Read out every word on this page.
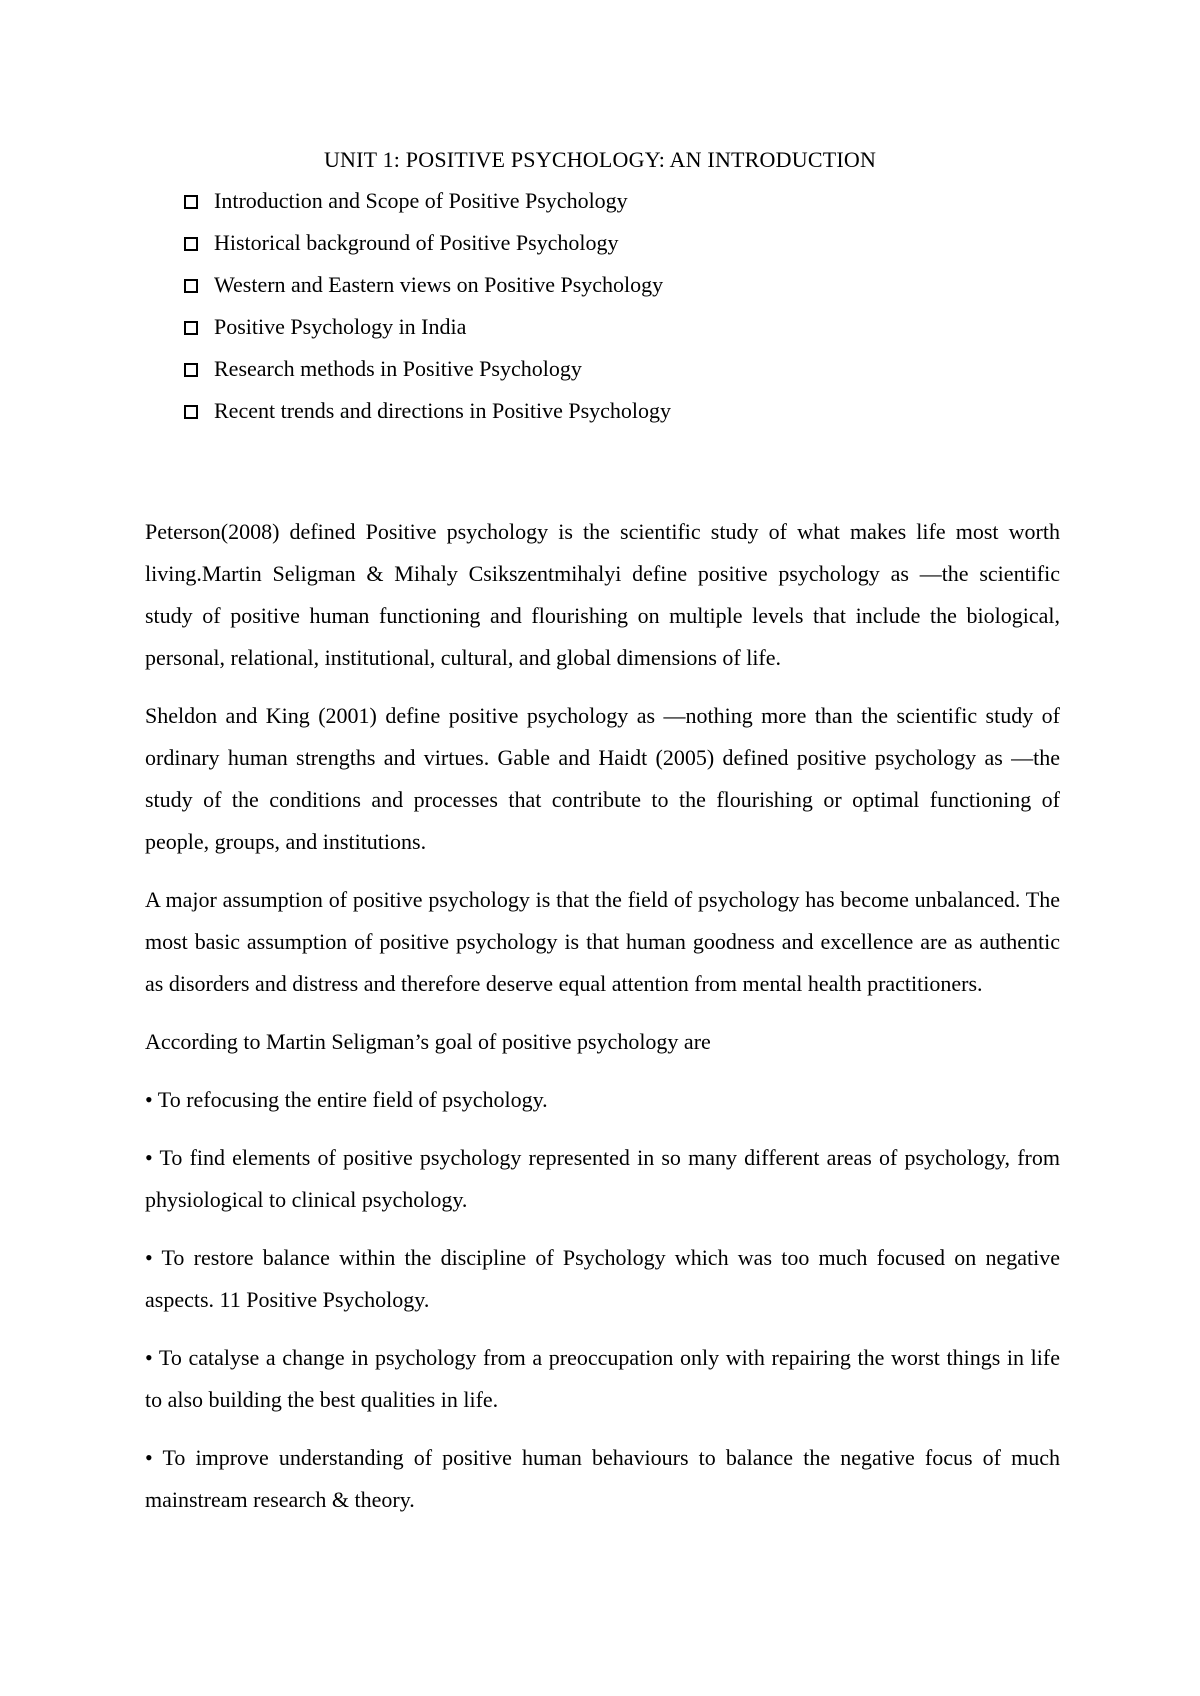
UNIT 1: POSITIVE PSYCHOLOGY: AN INTRODUCTION
Introduction and Scope of Positive Psychology
Historical background of Positive Psychology
Western and Eastern views on Positive Psychology
Positive Psychology in India
Research methods in Positive Psychology
Recent trends and directions in Positive Psychology

Peterson(2008) defined Positive psychology is the scientific study of what makes life most worth living.Martin Seligman & Mihaly Csikszentmihalyi define positive psychology as —the scientific study of positive human functioning and flourishing on multiple levels that include the biological, personal, relational, institutional, cultural, and global dimensions of life.

Sheldon and King (2001) define positive psychology as —nothing more than the scientific study of ordinary human strengths and virtues. Gable and Haidt (2005) defined positive psychology as —the study of the conditions and processes that contribute to the flourishing or optimal functioning of people, groups, and institutions.

A major assumption of positive psychology is that the field of psychology has become unbalanced. The most basic assumption of positive psychology is that human goodness and excellence are as authentic as disorders and distress and therefore deserve equal attention from mental health practitioners.

According to Martin Seligman’s goal of positive psychology are

• To refocusing the entire field of psychology.

• To find elements of positive psychology represented in so many different areas of psychology, from physiological to clinical psychology.

• To restore balance within the discipline of Psychology which was too much focused on negative aspects. 11 Positive Psychology.

• To catalyse a change in psychology from a preoccupation only with repairing the worst things in life to also building the best qualities in life.

• To improve understanding of positive human behaviours to balance the negative focus of much mainstream research & theory.
